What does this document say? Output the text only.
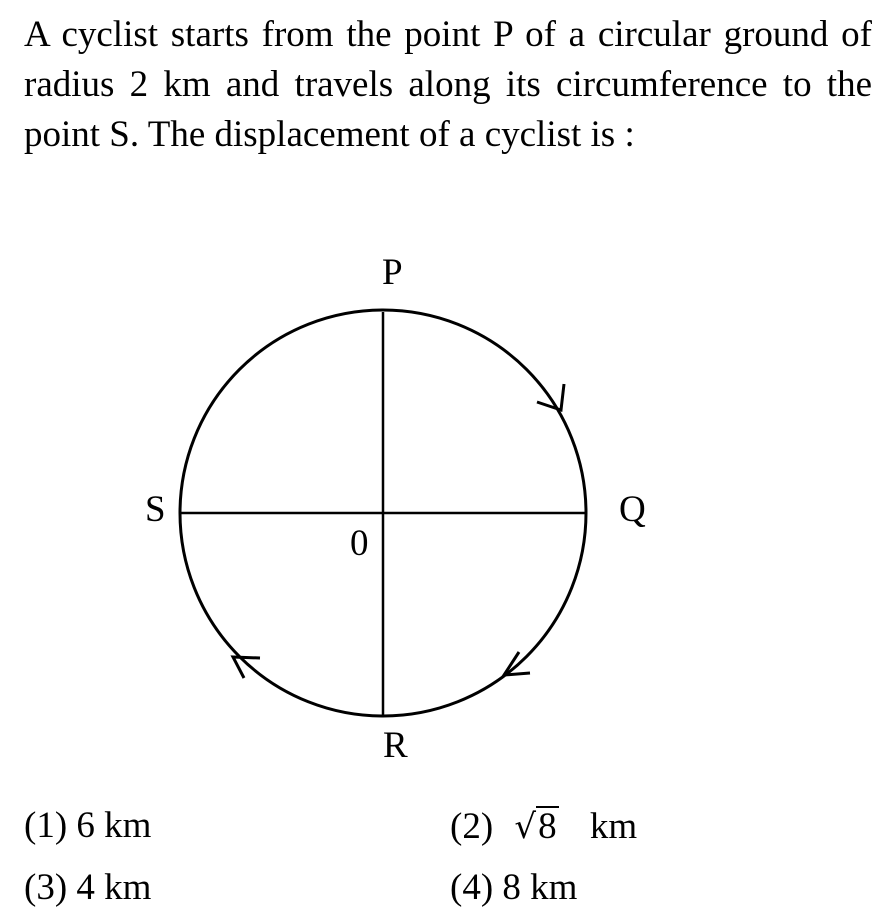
A cyclist starts from the point P of a circular ground of radius 2 km and travels along its circumference to the point S. The displacement of a cyclist is :

P
Q
R
S
0
(1) 6 km	(2) √8 km
(3) 4 km	(4) 8 km
